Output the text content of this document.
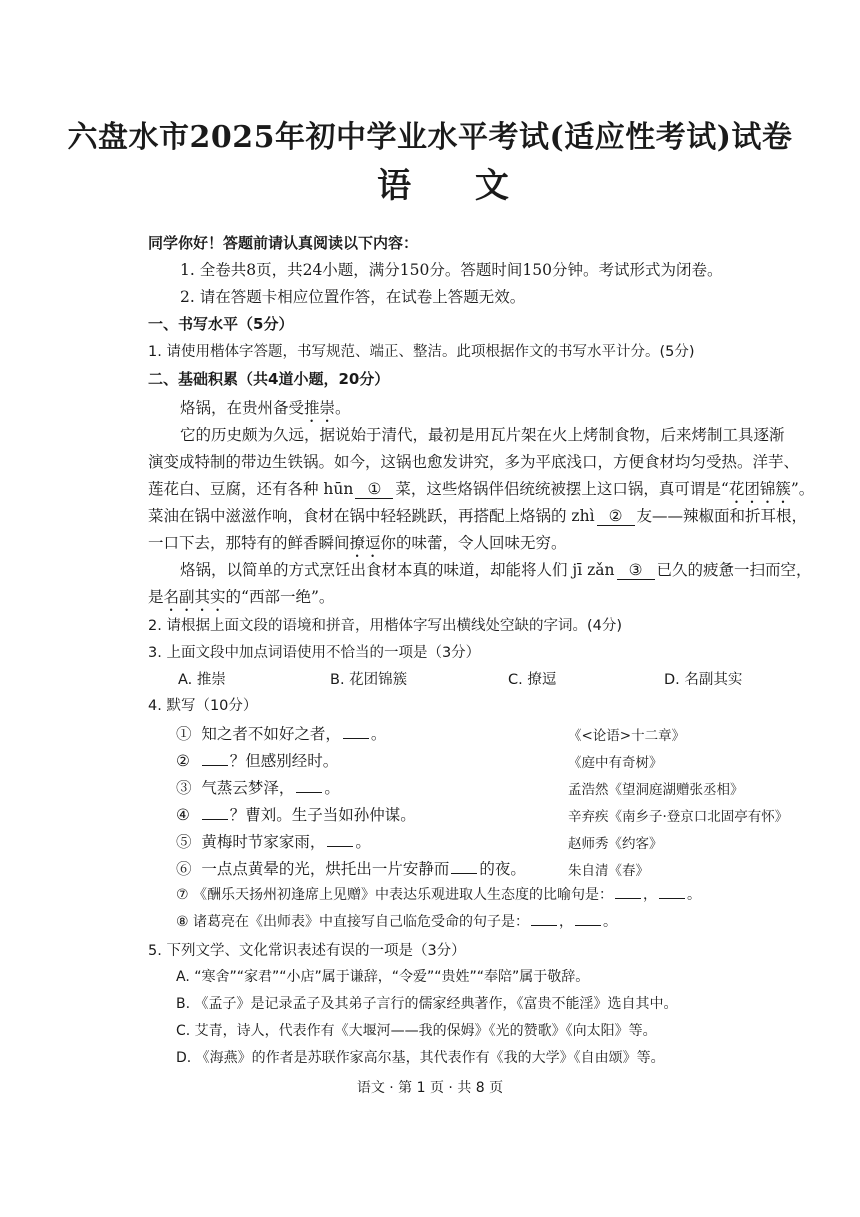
六盘水市2025年初中学业水平考试(适应性考试)试卷
语 文
同学你好！答题前请认真阅读以下内容：
1. 全卷共8页，共24小题，满分150分。答题时间150分钟。考试形式为闭卷。
2. 请在答题卡相应位置作答，在试卷上答题无效。
一、书写水平（5分）
1. 请使用楷体字答题，书写规范、端正、整洁。此项根据作文的书写水平计分。(5分)
二、基础积累（共4道小题，20分）
烙锅，在贵州备受推崇。
它的历史颇为久远，据说始于清代，最初是用瓦片架在火上烤制食物，后来烤制工具逐渐
演变成特制的带边生铁锅。如今，这锅也愈发讲究，多为平底浅口，方便食材均匀受热。洋芋、
莲花白、豆腐，还有各种 hūn ① 菜，这些烙锅伴侣统统被摆上这口锅，真可谓是“花团锦簇”。
菜油在锅中滋滋作响，食材在锅中轻轻跳跃，再搭配上烙锅的 zhì ② 友——辣椒面和折耳根，
一口下去，那特有的鲜香瞬间撩逗你的味蕾，令人回味无穷。
烙锅，以简单的方式烹饪出食材本真的味道，却能将人们 jī zǎn ③ 已久的疲惫一扫而空，
是名副其实的“西部一绝”。
2. 请根据上面文段的语境和拼音，用楷体字写出横线处空缺的字词。(4分)
3. 上面文段中加点词语使用不恰当的一项是（3分）
A. 推崇	B. 花团锦簇	C. 撩逗	D. 名副其实
4. 默写（10分）
① 知之者不如好之者， 。	《<论语>十二章》
②	？但感别经时。	《庭中有奇树》
③ 气蒸云梦泽， 。	孟浩然《望洞庭湖赠张丞相》
④	？曹刘。生子当如孙仲谋。	辛弃疾《南乡子·登京口北固亭有怀》
⑤ 黄梅时节家家雨， 。	赵师秀《约客》
⑥ 一点点黄晕的光，烘托出一片安静而 的夜。	朱自清《春》
⑦ 《酬乐天扬州初逢席上见赠》中表达乐观进取人生态度的比喻句是： ， 。
⑧ 诸葛亮在《出师表》中直接写自己临危受命的句子是： ， 。
5. 下列文学、文化常识表述有误的一项是（3分）
A. “寒舍”“家君”“小店”属于谦辞，“令爱”“贵姓”“奉陪”属于敬辞。
B. 《孟子》是记录孟子及其弟子言行的儒家经典著作，《富贵不能淫》选自其中。
C. 艾青，诗人，代表作有《大堰河——我的保姆》《光的赞歌》《向太阳》等。
D. 《海燕》的作者是苏联作家高尔基，其代表作有《我的大学》《自由颂》等。
语文 · 第 1 页 · 共 8 页
